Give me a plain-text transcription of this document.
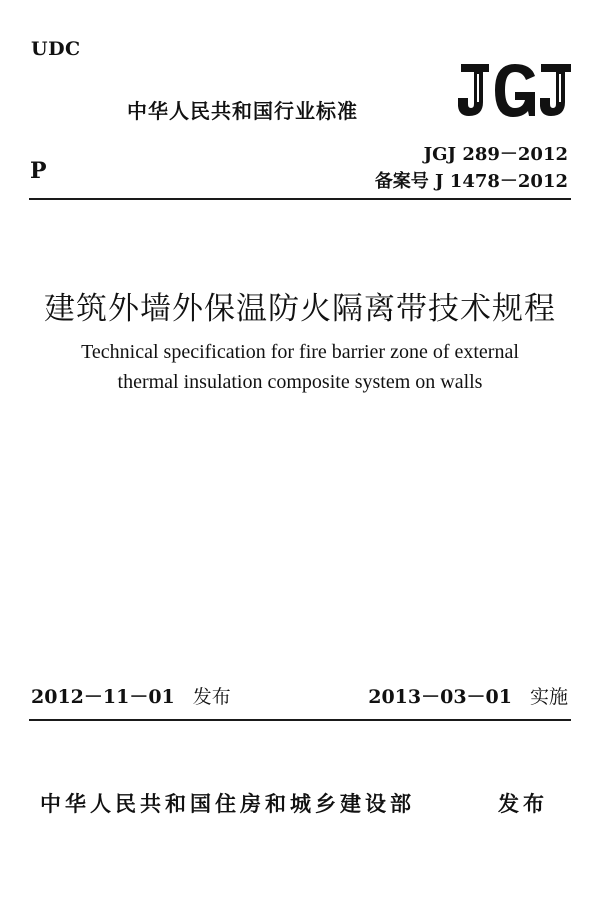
UDC
中华人民共和国行业标准
P
JGJ 289－2012
备案号 J 1478－2012
建筑外墙外保温防火隔离带技术规程
Technical specification for fire barrier zone of external
thermal insulation composite system on walls
2012－11－01 发布	2013－03－01 实施
中华人民共和国住房和城乡建设部	发布
